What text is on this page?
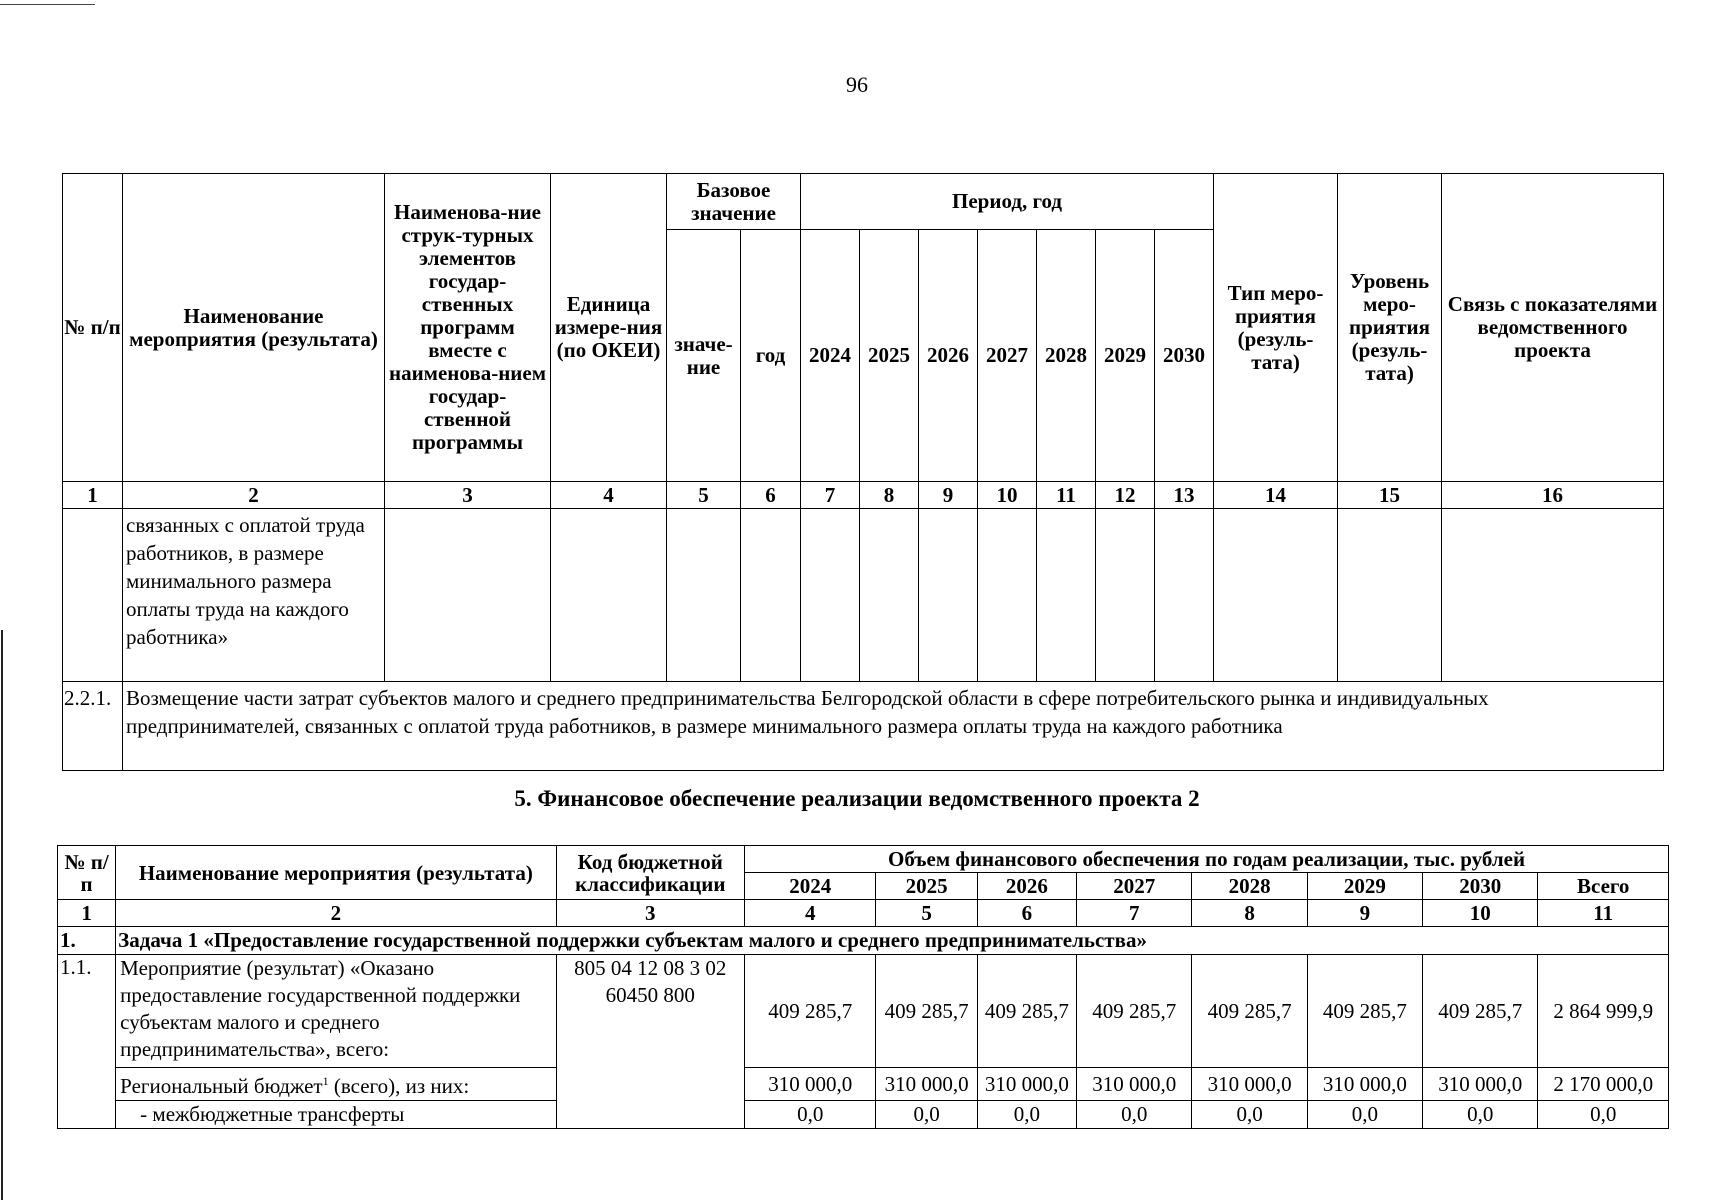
96
№ п/п	Наименование мероприятия (результата)	Наименова-ние струк-турных элементов государ-ственных программ вместе с наименова-нием государ-ственной программы	Единица измере-ния (по ОКЕИ)	Базовое значение		Период, год							Тип меро-приятия (резуль-тата)	Уровень меро-приятия (резуль-тата)	Связь с показателями ведомственного проекта
				значе-ние	год	2024	2025	2026	2027	2028	2029	2030			
1	2	3	4	5	6	7	8	9	10	11	12	13	14	15	16
	связанных с оплатой труда работников, в размере минимального размера оплаты труда на каждого работника»														
2.2.1.	Возмещение части затрат субъектов малого и среднего предпринимательства Белгородской области в сфере потребительского рынка и индивидуальных предпринимателей, связанных с оплатой труда работников, в размере минимального размера оплаты труда на каждого работника														
5. Финансовое обеспечение реализации ведомственного проекта 2
№ п/п	Наименование мероприятия (результата)	Код бюджетной классификации	Объем финансового обеспечения по годам реализации, тыс. рублей							
			2024	2025	2026	2027	2028	2029	2030	Всего
1	2	3	4	5	6	7	8	9	10	11
1.	Задача 1 «Предоставление государственной поддержки субъектам малого и среднего предпринимательства»									
1.1.	Мероприятие (результат) «Оказано предоставление государственной поддержки субъектам малого и среднего предпринимательства», всего:	805 04 12 08 3 02 60450 800	409 285,7	409 285,7	409 285,7	409 285,7	409 285,7	409 285,7	409 285,7	2 864 999,9
	Региональный бюджет$^1$ (всего), из них:		310 000,0	310 000,0	310 000,0	310 000,0	310 000,0	310 000,0	310 000,0	2 170 000,0
	- межбюджетные трансферты		0,0	0,0	0,0	0,0	0,0	0,0	0,0	0,0
